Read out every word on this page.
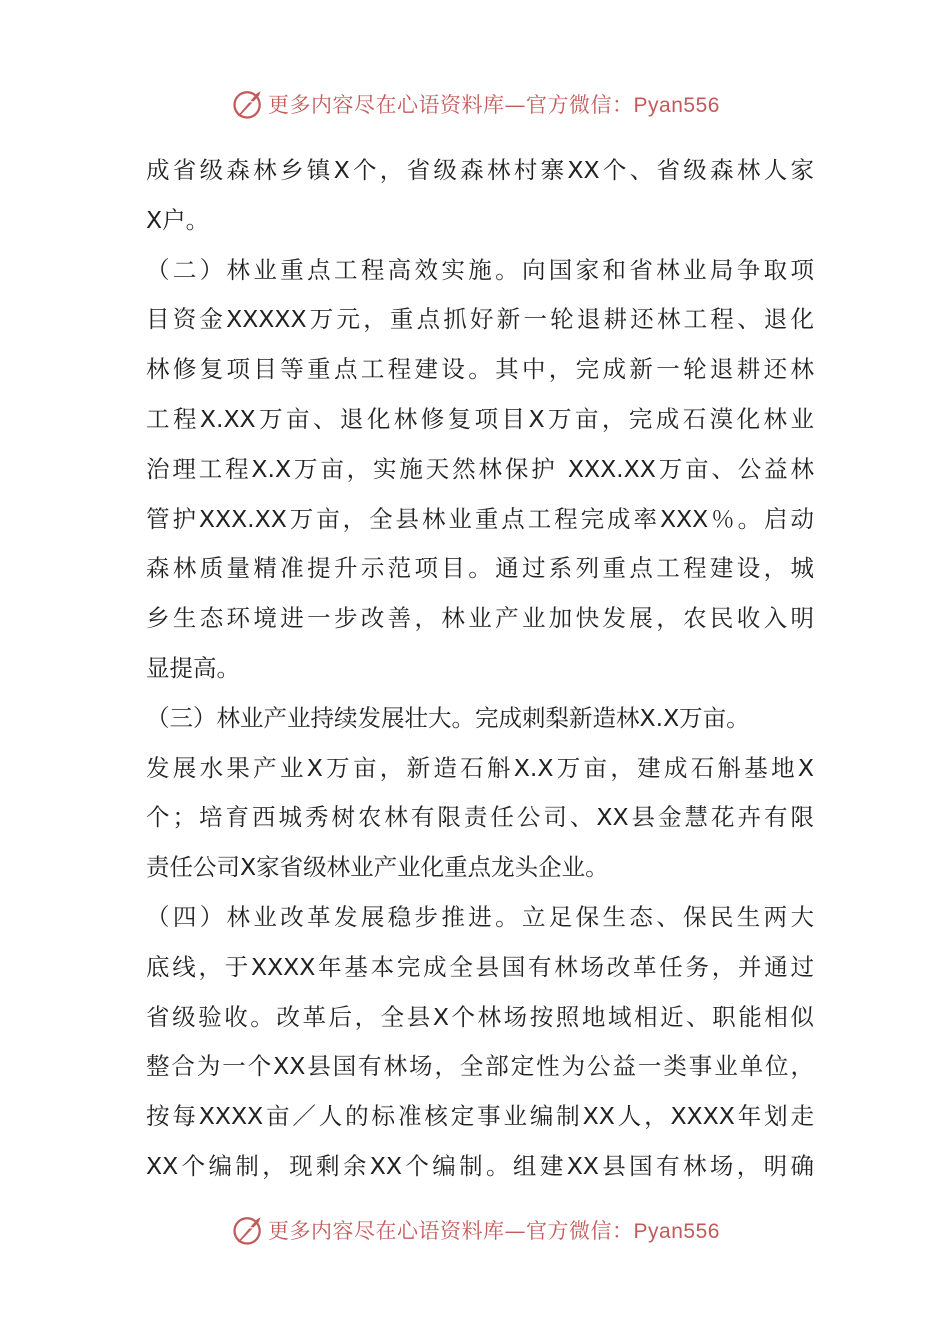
更多内容尽在心语资料库—官方微信：Pyan556
成省级森林乡镇X个，省级森林村寨XX个、省级森林人家
X户。
（二）林业重点工程高效实施。向国家和省林业局争取项
目资金XXXXX万元，重点抓好新一轮退耕还林工程、退化
林修复项目等重点工程建设。其中，完成新一轮退耕还林
工程X.XX万亩、退化林修复项目X万亩，完成石漠化林业
治理工程X.X万亩，实施天然林保护 XXX.XX万亩、公益林
管护XXX.XX万亩，全县林业重点工程完成率XXX％。启动
森林质量精准提升示范项目。通过系列重点工程建设，城
乡生态环境进一步改善，林业产业加快发展，农民收入明
显提高。
（三）林业产业持续发展壮大。完成刺梨新造林X.X万亩。
发展水果产业X万亩，新造石斛X.X万亩，建成石斛基地X
个；培育西城秀树农林有限责任公司、XX县金慧花卉有限
责任公司X家省级林业产业化重点龙头企业。
（四）林业改革发展稳步推进。立足保生态、保民生两大
底线，于XXXX年基本完成全县国有林场改革任务，并通过
省级验收。改革后，全县X个林场按照地域相近、职能相似
整合为一个XX县国有林场，全部定性为公益一类事业单位，
按每XXXX亩／人的标准核定事业编制XX人，XXXX年划走
XX个编制，现剩余XX个编制。组建XX县国有林场，明确
更多内容尽在心语资料库—官方微信：Pyan556
